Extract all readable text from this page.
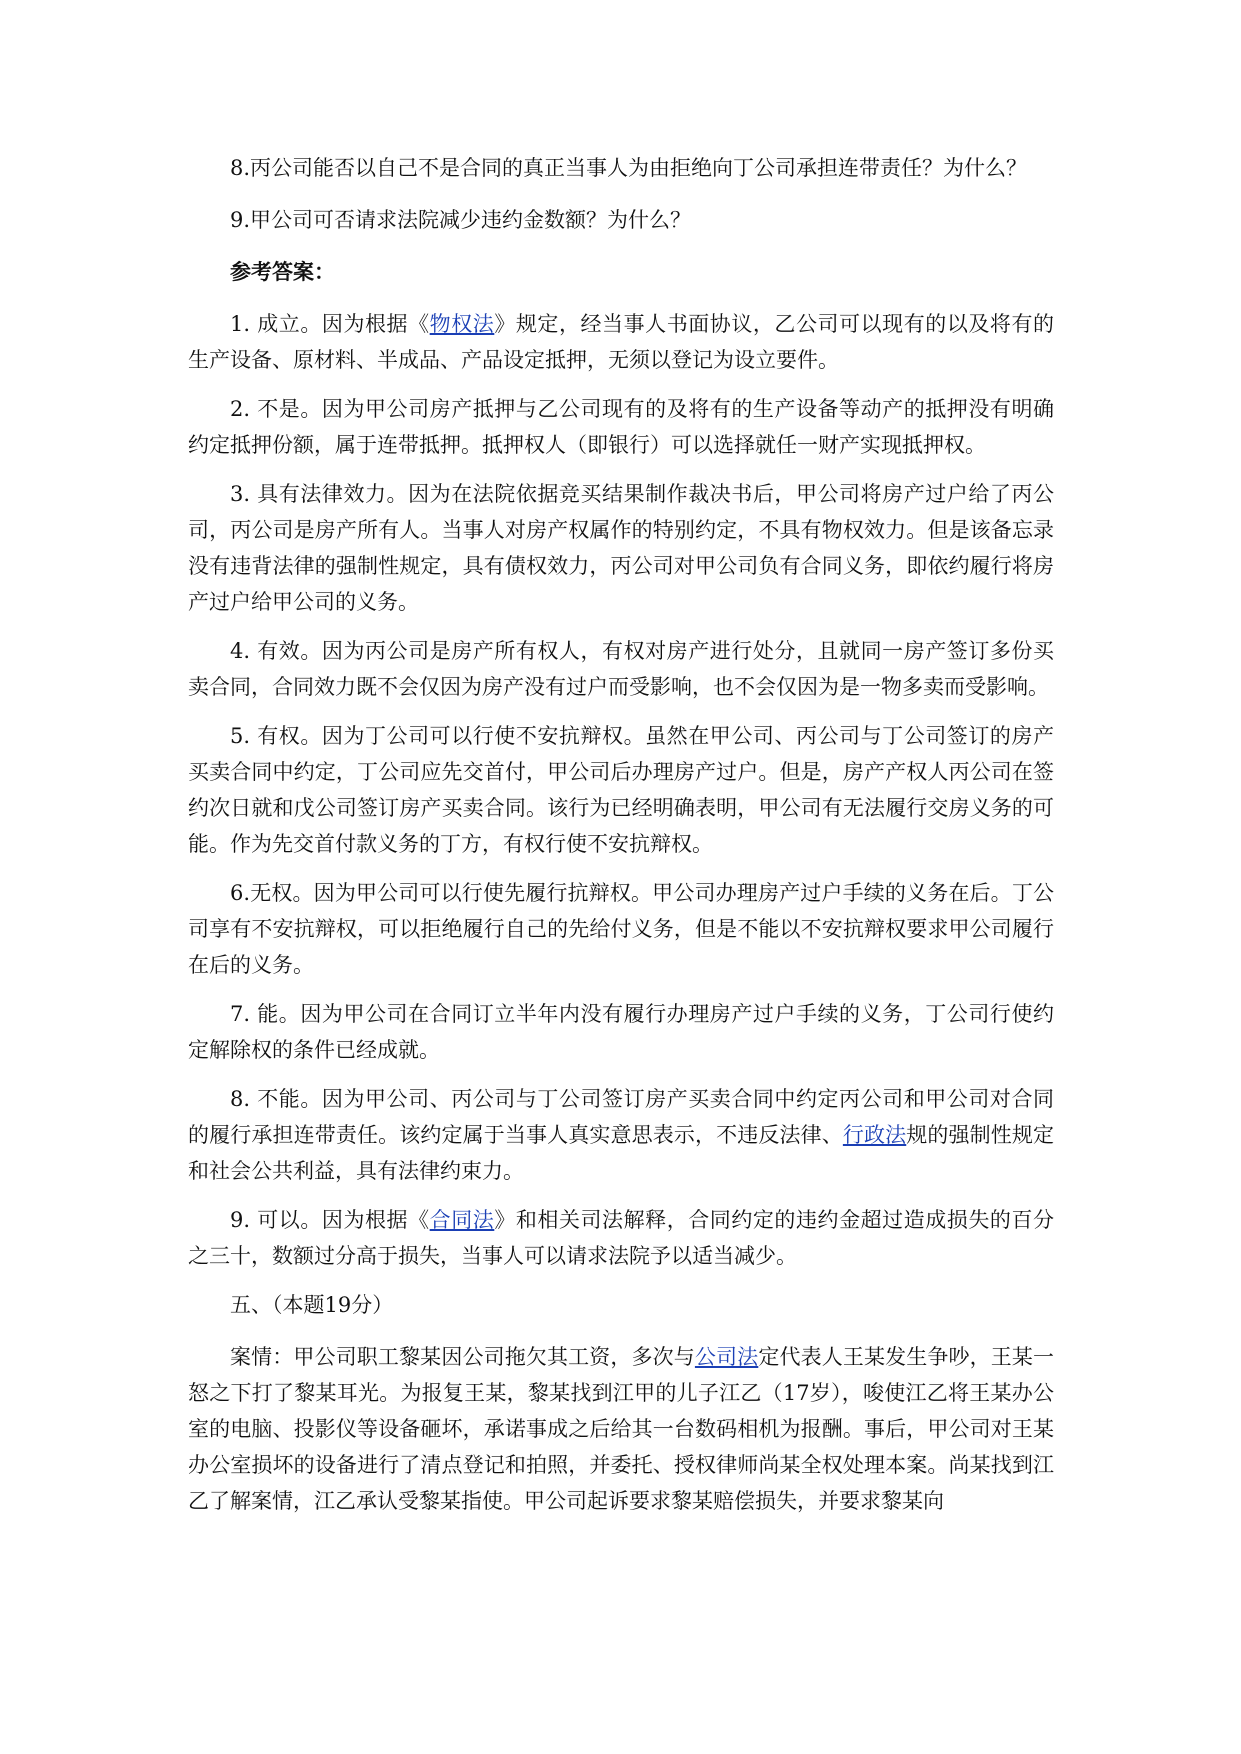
8.丙公司能否以自己不是合同的真正当事人为由拒绝向丁公司承担连带责任？为什么？

9.甲公司可否请求法院减少违约金数额？为什么？

参考答案：

1. 成立。因为根据《物权法》规定，经当事人书面协议，乙公司可以现有的以及将有的生产设备、原材料、半成品、产品设定抵押，无须以登记为设立要件。

2. 不是。因为甲公司房产抵押与乙公司现有的及将有的生产设备等动产的抵押没有明确约定抵押份额，属于连带抵押。抵押权人（即银行）可以选择就任一财产实现抵押权。

3. 具有法律效力。因为在法院依据竞买结果制作裁决书后，甲公司将房产过户给了丙公司，丙公司是房产所有人。当事人对房产权属作的特别约定，不具有物权效力。但是该备忘录没有违背法律的强制性规定，具有债权效力，丙公司对甲公司负有合同义务，即依约履行将房产过户给甲公司的义务。

4. 有效。因为丙公司是房产所有权人，有权对房产进行处分，且就同一房产签订多份买卖合同，合同效力既不会仅因为房产没有过户而受影响，也不会仅因为是一物多卖而受影响。

5. 有权。因为丁公司可以行使不安抗辩权。虽然在甲公司、丙公司与丁公司签订的房产买卖合同中约定，丁公司应先交首付，甲公司后办理房产过户。但是，房产产权人丙公司在签约次日就和戊公司签订房产买卖合同。该行为已经明确表明，甲公司有无法履行交房义务的可能。作为先交首付款义务的丁方，有权行使不安抗辩权。

6.无权。因为甲公司可以行使先履行抗辩权。甲公司办理房产过户手续的义务在后。丁公司享有不安抗辩权，可以拒绝履行自己的先给付义务，但是不能以不安抗辩权要求甲公司履行在后的义务。

7. 能。因为甲公司在合同订立半年内没有履行办理房产过户手续的义务，丁公司行使约定解除权的条件已经成就。

8. 不能。因为甲公司、丙公司与丁公司签订房产买卖合同中约定丙公司和甲公司对合同的履行承担连带责任。该约定属于当事人真实意思表示，不违反法律、行政法规的强制性规定和社会公共利益，具有法律约束力。

9. 可以。因为根据《合同法》和相关司法解释，合同约定的违约金超过造成损失的百分之三十，数额过分高于损失，当事人可以请求法院予以适当减少。

五、（本题19分）

案情：甲公司职工黎某因公司拖欠其工资，多次与公司法定代表人王某发生争吵，王某一怒之下打了黎某耳光。为报复王某，黎某找到江甲的儿子江乙（17岁），唆使江乙将王某办公室的电脑、投影仪等设备砸坏，承诺事成之后给其一台数码相机为报酬。事后，甲公司对王某办公室损坏的设备进行了清点登记和拍照，并委托、授权律师尚某全权处理本案。尚某找到江乙了解案情，江乙承认受黎某指使。甲公司起诉要求黎某赔偿损失，并要求黎某向
